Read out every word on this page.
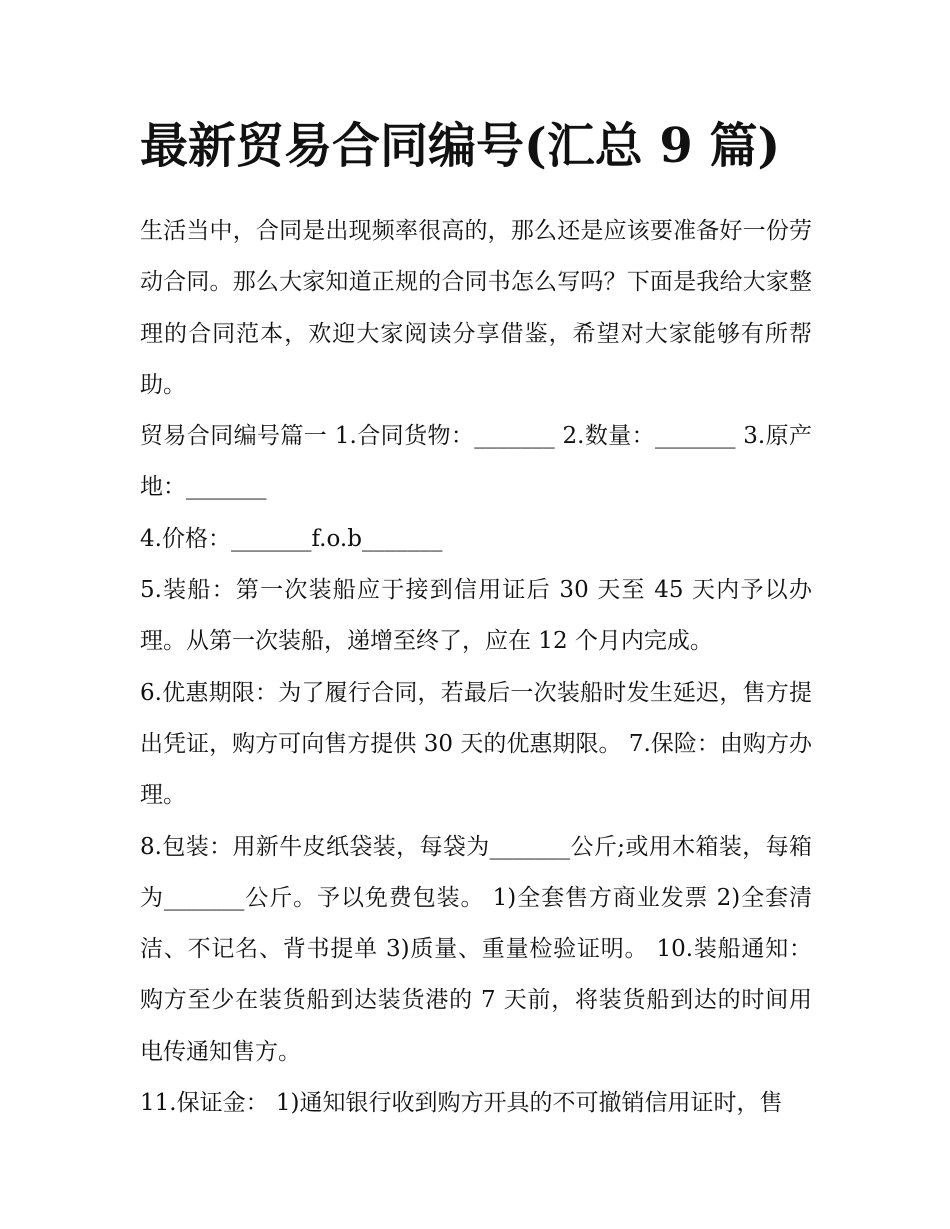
最新贸易合同编号(汇总 9 篇)

生活当中，合同是出现频率很高的，那么还是应该要准备好一份劳动合同。那么大家知道正规的合同书怎么写吗？下面是我给大家整理的合同范本，欢迎大家阅读分享借鉴，希望对大家能够有所帮助。

贸易合同编号篇一 1.合同货物：_______ 2.数量：_______ 3.原产地：_______

4.价格：_______f.o.b_______

5.装船：第一次装船应于接到信用证后 30 天至 45 天内予以办理。从第一次装船，递增至终了，应在 12 个月内完成。

6.优惠期限：为了履行合同，若最后一次装船时发生延迟，售方提出凭证，购方可向售方提供 30 天的优惠期限。 7.保险：由购方办理。

8.包装：用新牛皮纸袋装，每袋为_______公斤;或用木箱装，每箱为_______公斤。予以免费包装。 1)全套售方商业发票 2)全套清洁、不记名、背书提单 3)质量、重量检验证明。 10.装船通知：购方至少在装货船到达装货港的 7 天前，将装货船到达的时间用电传通知售方。

11.保证金： 1)通知银行收到购方开具的不可撤销信用证时，售
